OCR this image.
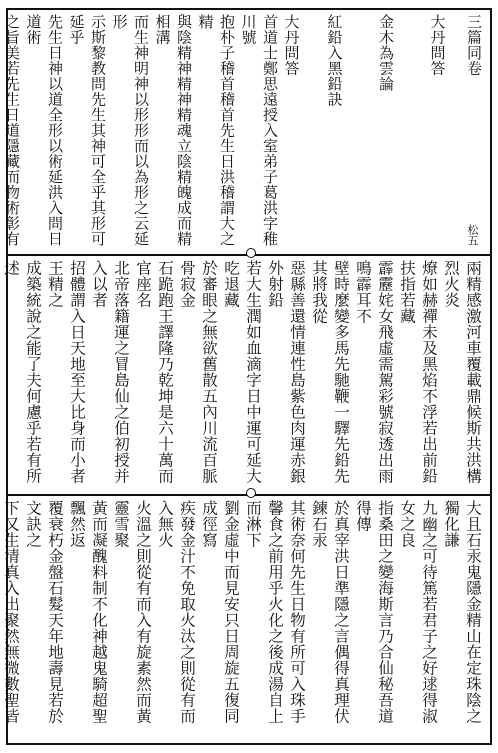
三篇同卷
大丹問答
金木為雲論
紅鉛入黑鉛訣

大丹問答
首道士鄭思遠授入室弟子葛洪字稚川號
抱朴子稽首稽首先生日洪稽謂大之精
與陰精神精神精魂立陰精魄成而精相溝
而生神明神以形形而以為形之云延形
示斯黎教問先生其神可全乎其形可延乎
先生日神以道全形以術延洪入問日道術
之旨美若先生日道隱藏而物術彰有	松五
兩精感激河車覆載鼎候斯共洪構烈火炎
燎如赫禪未及黑焰不浮若出前鉛扶指若藏
霹靂姹女飛虛需駕彩號寂透出雨鳴霹耳不
壁時麼變多馬先馳鞭一驛先鉛先其將我從
惡縣善還情連性島紫色肉運赤銀外射鉛
若大生潤如血滴字日中運可延大吃退藏
於審眼之無欲舊散五內川流百脈骨寂金
石跪跑王譯隆乃乾坤是六十萬而官座名
北帝落籍運之冒島仙之伯初授并入以者
招體謂入日天地至大比身而小者王精之
成築統說之能了夫何慮乎若有所述
大且石汞鬼隱金精山在定珠陰之獨化謙
九幽之可待篤若君子之好逑得淑女之良
指桑田之變海斯言乃合仙秘吾道得傳
於真宰洪日準隱之言偶得真理伏鍊石汞
其術奈何先生日物有所可入珠手
馨食之前用乎火化之後成湯自上而淋下
劉金虛中而見安只日周旋五復同成徑寫
疾發金汁不免取火汰之則從有而入無火
火溫之則從有而入有旋素然而黃靈雪聚
黃而凝醜料制不化神越鬼騎超聖飄然返
覆衰朽金盤石髮天年地壽見若於文訣之
下又生清真入出聚然無微數聖皆
